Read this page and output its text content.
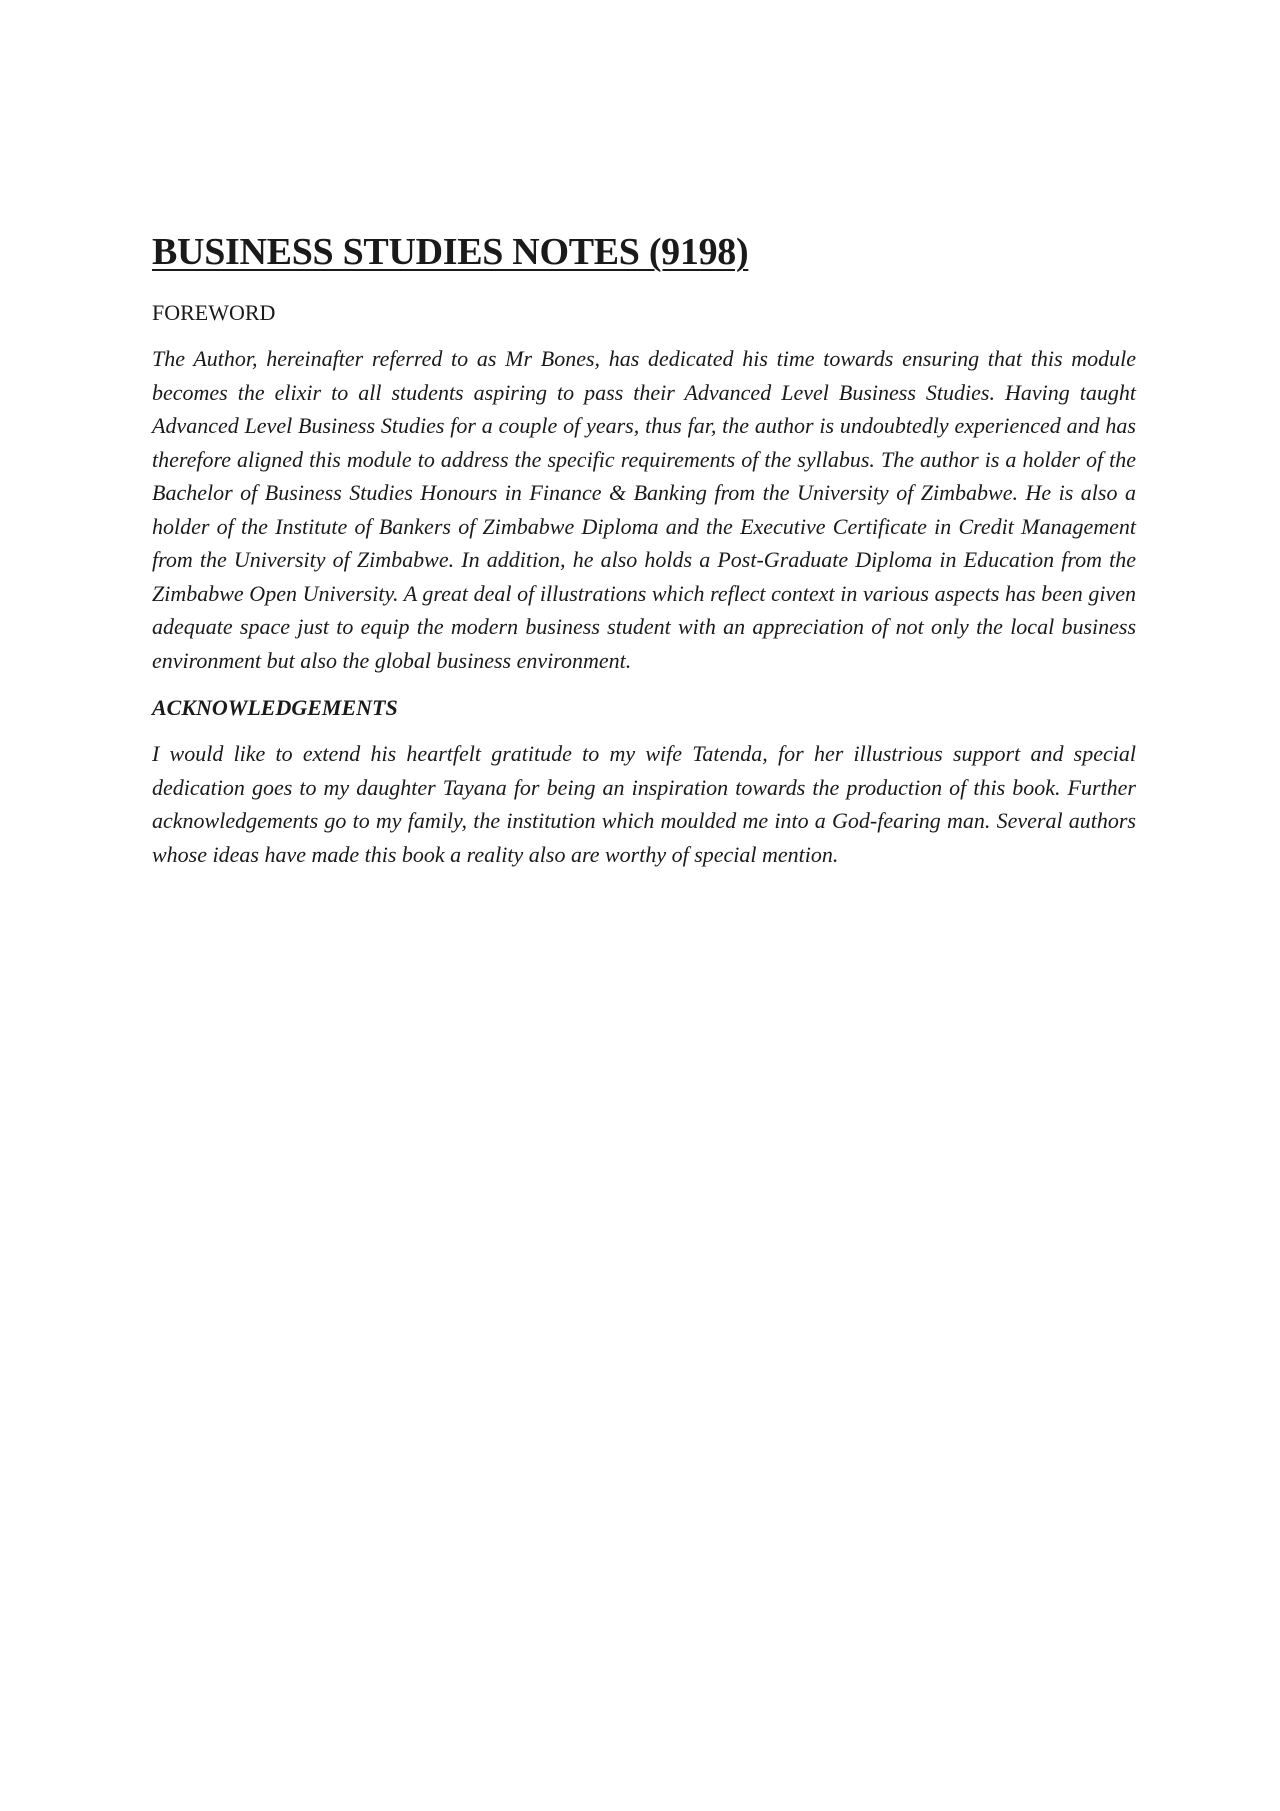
BUSINESS STUDIES NOTES (9198)
FOREWORD

The Author, hereinafter referred to as Mr Bones, has dedicated his time towards ensuring that this module becomes the elixir to all students aspiring to pass their Advanced Level Business Studies. Having taught Advanced Level Business Studies for a couple of years, thus far, the author is undoubtedly experienced and has therefore aligned this module to address the specific requirements of the syllabus. The author is a holder of the Bachelor of Business Studies Honours in Finance & Banking from the University of Zimbabwe. He is also a holder of the Institute of Bankers of Zimbabwe Diploma and the Executive Certificate in Credit Management from the University of Zimbabwe. In addition, he also holds a Post-Graduate Diploma in Education from the Zimbabwe Open University. A great deal of illustrations which reflect context in various aspects has been given adequate space just to equip the modern business student with an appreciation of not only the local business environment but also the global business environment.

ACKNOWLEDGEMENTS

I would like to extend his heartfelt gratitude to my wife Tatenda, for her illustrious support and special dedication goes to my daughter Tayana for being an inspiration towards the production of this book. Further acknowledgements go to my family, the institution which moulded me into a God-fearing man. Several authors whose ideas have made this book a reality also are worthy of special mention.
